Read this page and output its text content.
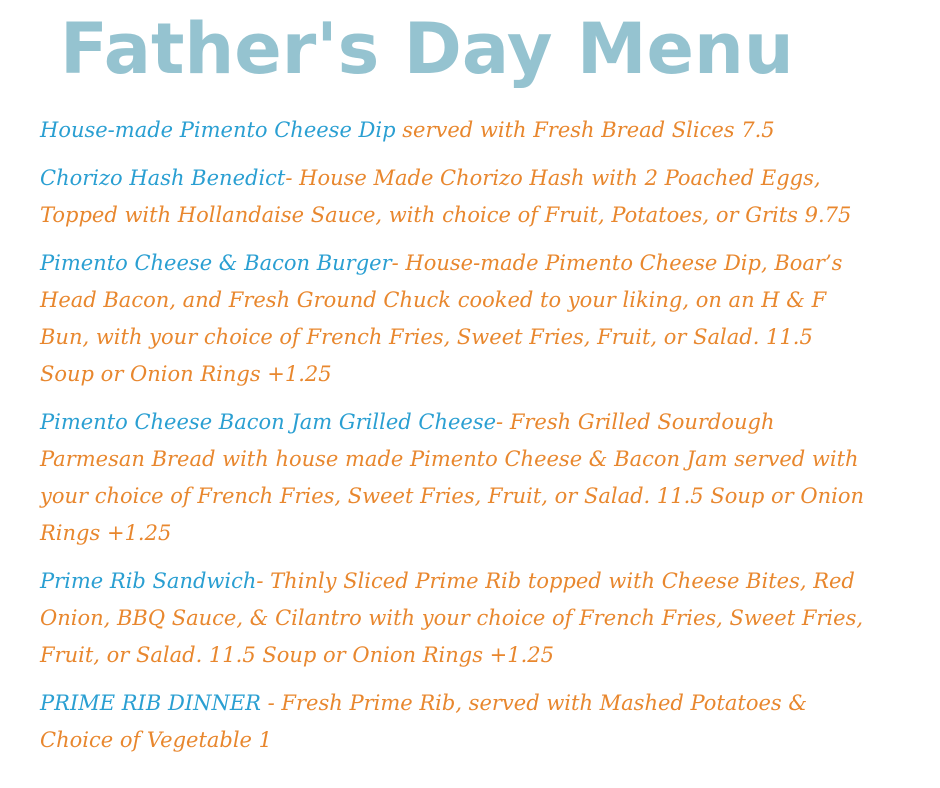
Father's Day Menu
House-made Pimento Cheese Dip served with Fresh Bread Slices 7.5
Chorizo Hash Benedict- House Made Chorizo Hash with 2 Poached Eggs, Topped with Hollandaise Sauce, with choice of Fruit, Potatoes, or Grits 9.75
Pimento Cheese & Bacon Burger- House-made Pimento Cheese Dip, Boar’s Head Bacon, and Fresh Ground Chuck cooked to your liking, on an H & F Bun, with your choice of French Fries, Sweet Fries, Fruit, or Salad. 11.5 Soup or Onion Rings +1.25
Pimento Cheese Bacon Jam Grilled Cheese- Fresh Grilled Sourdough Parmesan Bread with house made Pimento Cheese & Bacon Jam served with your choice of French Fries, Sweet Fries, Fruit, or Salad. 11.5 Soup or Onion Rings +1.25
Prime Rib Sandwich- Thinly Sliced Prime Rib topped with Cheese Bites, Red Onion, BBQ Sauce, & Cilantro with your choice of French Fries, Sweet Fries, Fruit, or Salad. 11.5 Soup or Onion Rings +1.25
PRIME RIB DINNER - Fresh Prime Rib, served with Mashed Potatoes & Choice of Vegetable 1
